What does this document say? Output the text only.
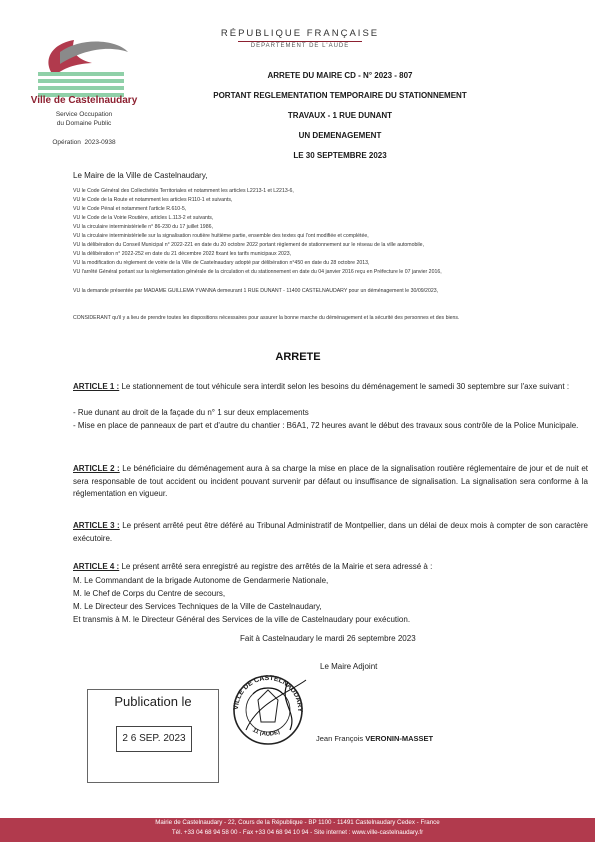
Ville de Castelnaudary
Service Occupation
du Domaine Public
Opération 2023-0938
RÉPUBLIQUE FRANÇAISE
DÉPARTEMENT DE L'AUDE
ARRETE DU MAIRE CD - N° 2023 - 807
PORTANT REGLEMENTATION TEMPORAIRE DU STATIONNEMENT
TRAVAUX - 1 RUE DUNANT
UN DEMENAGEMENT
LE 30 SEPTEMBRE 2023
Le Maire de la Ville de Castelnaudary,
VU le Code Général des Collectivités Territoriales et notamment les articles L2213-1 et L2213-6,
VU le Code de la Route et notamment les articles R110-1 et suivants,
VU le Code Pénal et notamment l'article R.610-5,
VU le Code de la Voirie Routière, articles L.113-2 et suivants,
VU la circulaire interministérielle n° 86-230 du 17 juillet 1986,
VU la circulaire interministérielle sur la signalisation routière huitième partie, ensemble des textes qui l'ont modifiée et complétée,
VU la délibération du Conseil Municipal n° 2022-221 en date du 20 octobre 2022 portant règlement de stationnement sur le réseau de la ville automobile,
VU la délibération n° 2022-252 en date du 21 décembre 2022 fixant les tarifs municipaux 2023,
VU la modification du règlement de voirie de la Ville de Castelnaudary adopté par délibération n°450 en date du 28 octobre 2013,
VU l'arrêté Général portant sur la réglementation générale de la circulation et du stationnement en date du 04 janvier 2016 reçu en Préfecture le 07 janvier 2016,
VU la demande présentée par MADAME GUILLEMA YVANNA demeurant 1 RUE DUNANT - 11400 CASTELNAUDARY pour un déménagement le 30/09/2023,
CONSIDERANT qu'il y a lieu de prendre toutes les dispositions nécessaires pour assurer la bonne marche du déménagement et la sécurité des personnes et des biens.
ARRETE
ARTICLE 1 : Le stationnement de tout véhicule sera interdit selon les besoins du déménagement le samedi 30 septembre sur l'axe suivant :
- Rue dunant au droit de la façade du n° 1 sur deux emplacements
- Mise en place de panneaux de part et d'autre du chantier : B6A1, 72 heures avant le début des travaux sous contrôle de la Police Municipale.
ARTICLE 2 : Le bénéficiaire du déménagement aura à sa charge la mise en place de la signalisation routière réglementaire de jour et de nuit et sera responsable de tout accident ou incident pouvant survenir par défaut ou insuffisance de signalisation. La signalisation sera conforme à la réglementation en vigueur.
ARTICLE 3 : Le présent arrêté peut être déféré au Tribunal Administratif de Montpellier, dans un délai de deux mois à compter de son caractère exécutoire.
ARTICLE 4 : Le présent arrêté sera enregistré au registre des arrêtés de la Mairie et sera adressé à :
M. Le Commandant de la brigade Autonome de Gendarmerie Nationale,
M. le Chef de Corps du Centre de secours,
M. Le Directeur des Services Techniques de la Ville de Castelnaudary,
Et transmis à M. le Directeur Général des Services de la ville de Castelnaudary pour exécution.
Fait à Castelnaudary le mardi 26 septembre 2023
Le Maire Adjoint
VILLE DE CASTELNAUDARY
11 (AUDE)
Jean François VERONIN-MASSET
Publication le
2 6 SEP. 2023
Mairie de Castelnaudary - 22, Cours de la République - BP 1100 - 11491 Castelnaudary Cedex - France
Tél. +33 04 68 94 58 00 - Fax +33 04 68 94 10 94 - Site internet : www.ville-castelnaudary.fr
